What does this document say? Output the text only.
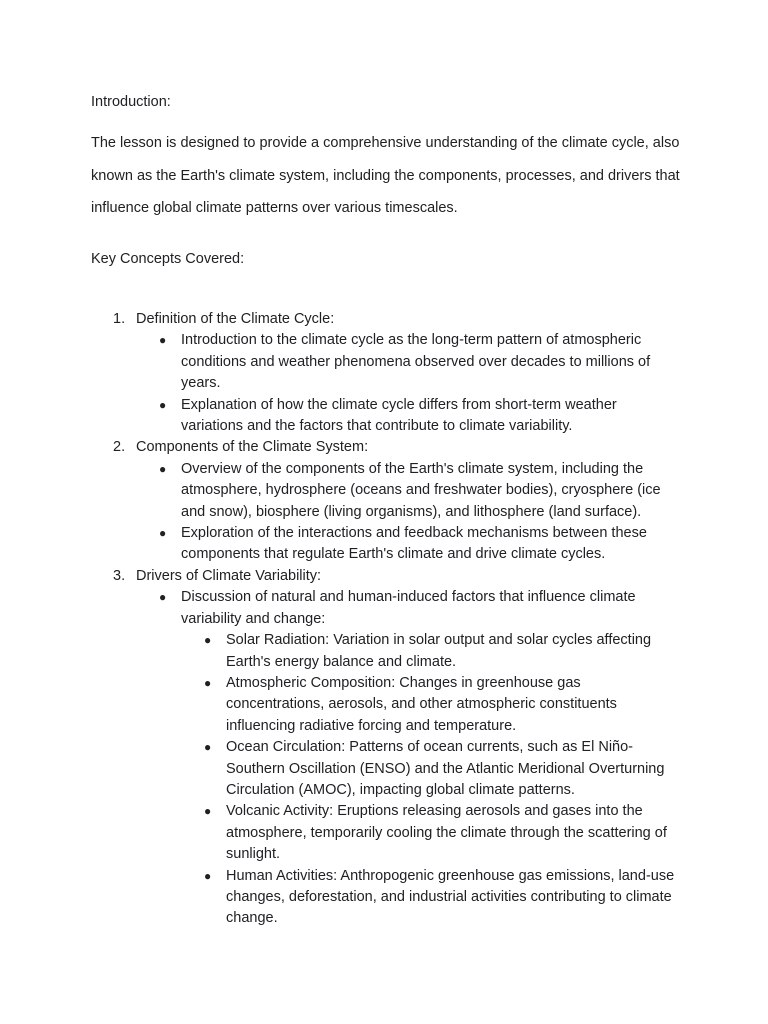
Introduction:
The lesson is designed to provide a comprehensive understanding of the climate cycle, also known as the Earth's climate system, including the components, processes, and drivers that influence global climate patterns over various timescales.
Key Concepts Covered:
1. Definition of the Climate Cycle:
● Introduction to the climate cycle as the long-term pattern of atmospheric conditions and weather phenomena observed over decades to millions of years.
● Explanation of how the climate cycle differs from short-term weather variations and the factors that contribute to climate variability.
2. Components of the Climate System:
● Overview of the components of the Earth's climate system, including the atmosphere, hydrosphere (oceans and freshwater bodies), cryosphere (ice and snow), biosphere (living organisms), and lithosphere (land surface).
● Exploration of the interactions and feedback mechanisms between these components that regulate Earth's climate and drive climate cycles.
3. Drivers of Climate Variability:
● Discussion of natural and human-induced factors that influence climate variability and change:
● Solar Radiation: Variation in solar output and solar cycles affecting Earth's energy balance and climate.
● Atmospheric Composition: Changes in greenhouse gas concentrations, aerosols, and other atmospheric constituents influencing radiative forcing and temperature.
● Ocean Circulation: Patterns of ocean currents, such as El Niño-Southern Oscillation (ENSO) and the Atlantic Meridional Overturning Circulation (AMOC), impacting global climate patterns.
● Volcanic Activity: Eruptions releasing aerosols and gases into the atmosphere, temporarily cooling the climate through the scattering of sunlight.
● Human Activities: Anthropogenic greenhouse gas emissions, land-use changes, deforestation, and industrial activities contributing to climate change.
